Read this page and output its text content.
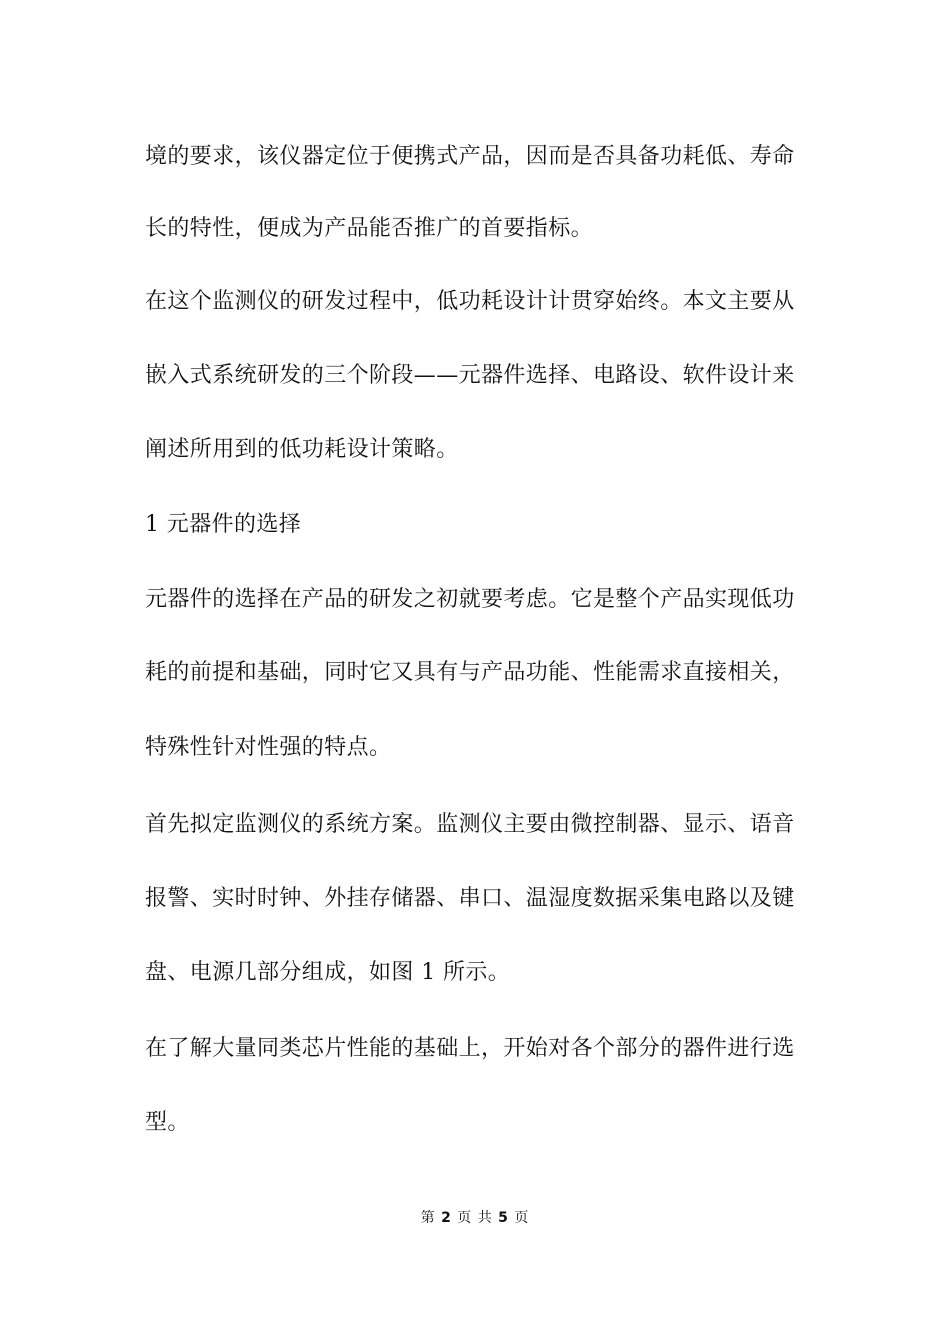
境的要求，该仪器定位于便携式产品，因而是否具备功耗低、寿命
长的特性，便成为产品能否推广的首要指标。
在这个监测仪的研发过程中，低功耗设计计贯穿始终。本文主要从
嵌入式系统研发的三个阶段——元器件选择、电路设、软件设计来
阐述所用到的低功耗设计策略。
1 元器件的选择
元器件的选择在产品的研发之初就要考虑。它是整个产品实现低功
耗的前提和基础，同时它又具有与产品功能、性能需求直接相关，
特殊性针对性强的特点。
首先拟定监测仪的系统方案。监测仪主要由微控制器、显示、语音
报警、实时时钟、外挂存储器、串口、温湿度数据采集电路以及键
盘、电源几部分组成，如图 1 所示。
在了解大量同类芯片性能的基础上，开始对各个部分的器件进行选
型。
第 2 页 共 5 页
